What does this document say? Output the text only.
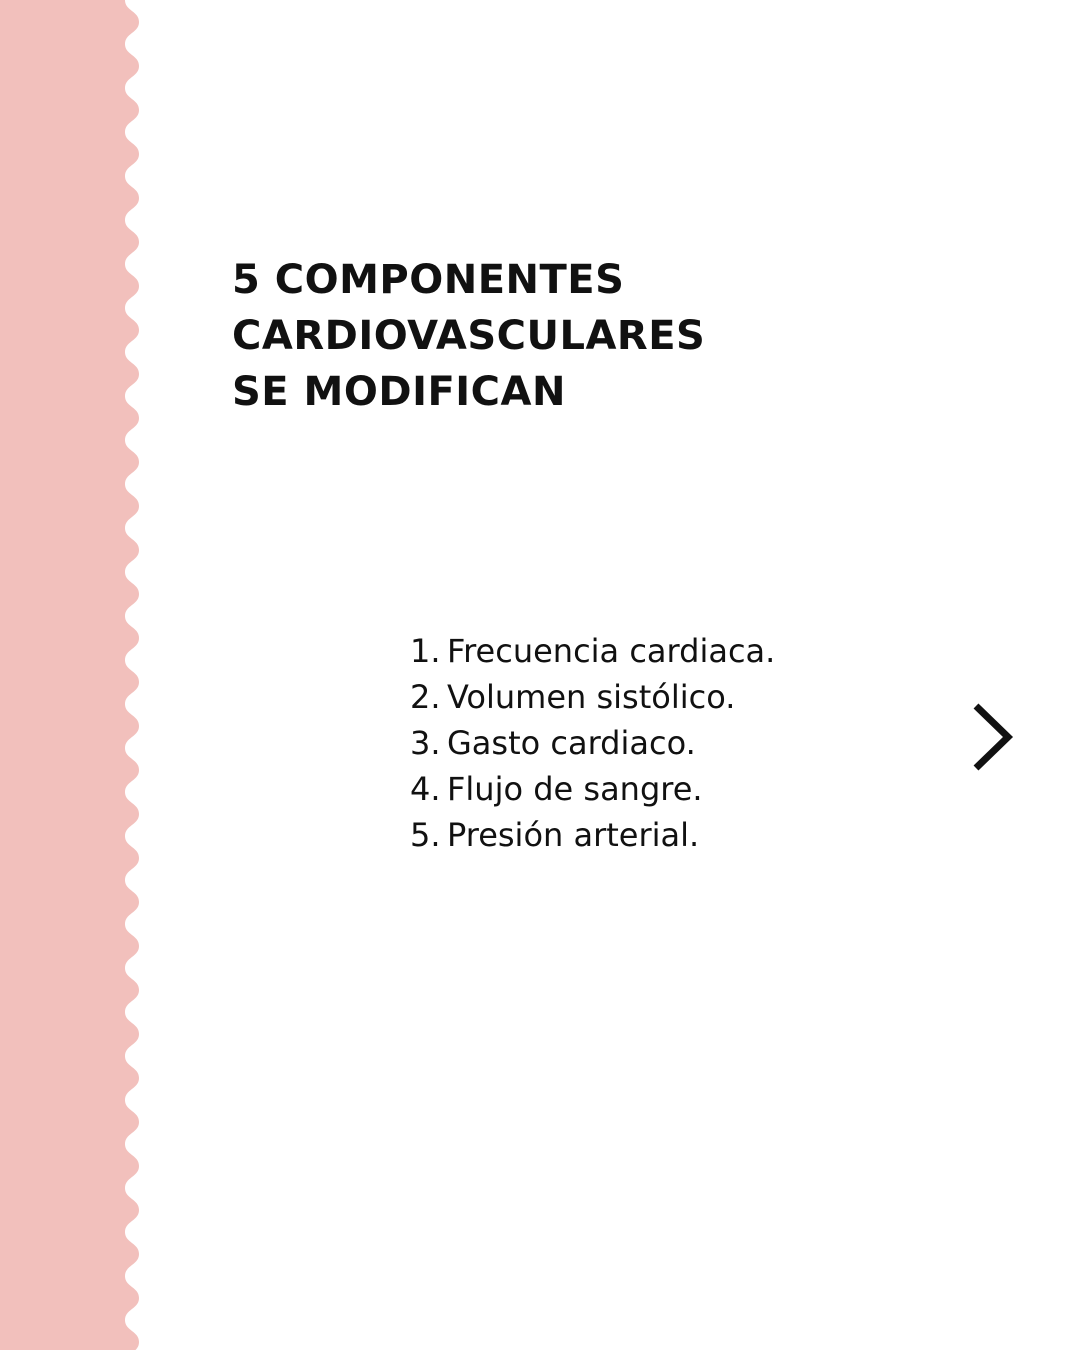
5 COMPONENTES
CARDIOVASCULARES
SE MODIFICAN
1. Frecuencia cardiaca.
2. Volumen sistólico.
3. Gasto cardiaco.
4. Flujo de sangre.
5. Presión arterial.
